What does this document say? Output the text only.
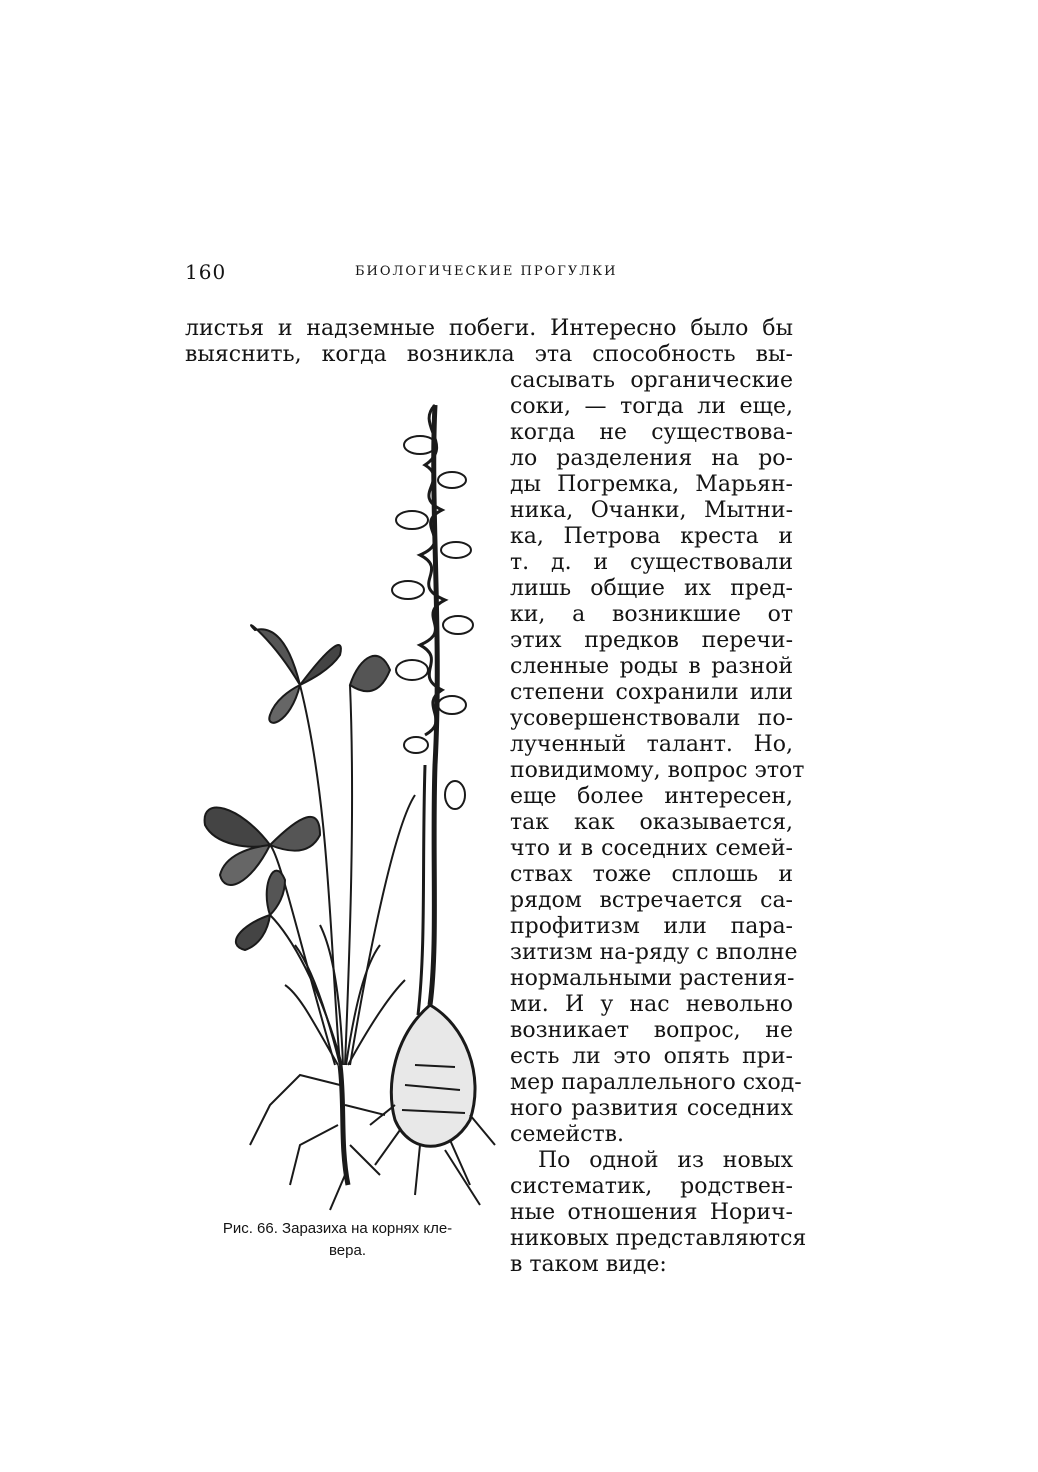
160	БИОЛОГИЧЕСКИЕ ПРОГУЛКИ
листья и надземные побеги. Интересно было бы
выяснить, когда возникла эта способность вы-
сасывать органические
соки, — тогда ли еще,
когда не существова-
ло разделения на ро-
ды Погремка, Марьян-
ника, Очанки, Мытни-
ка, Петрова креста и
т. д. и существовали
лишь общие их пред-
ки, а возникшие от
этих предков перечи-
сленные роды в разной
степени сохранили или
усовершенствовали по-
лученный талант. Но,
повидимому, вопрос этот
еще более интересен,
так как оказывается,
что и в соседних семей-
ствах тоже сплошь и
рядом встречается са-
профитизм или пара-
зитизм на-ряду с вполне
нормальными растения-
ми. И у нас невольно
возникает вопрос, не
есть ли это опять при-
мер параллельного сход-
ного развития соседних
семейств.
По одной из новых
систематик, родствен-
ные отношения Норич-
никовых представляются
в таком виде:
Рис. 66. Заразиха на корнях кле-
вера.
